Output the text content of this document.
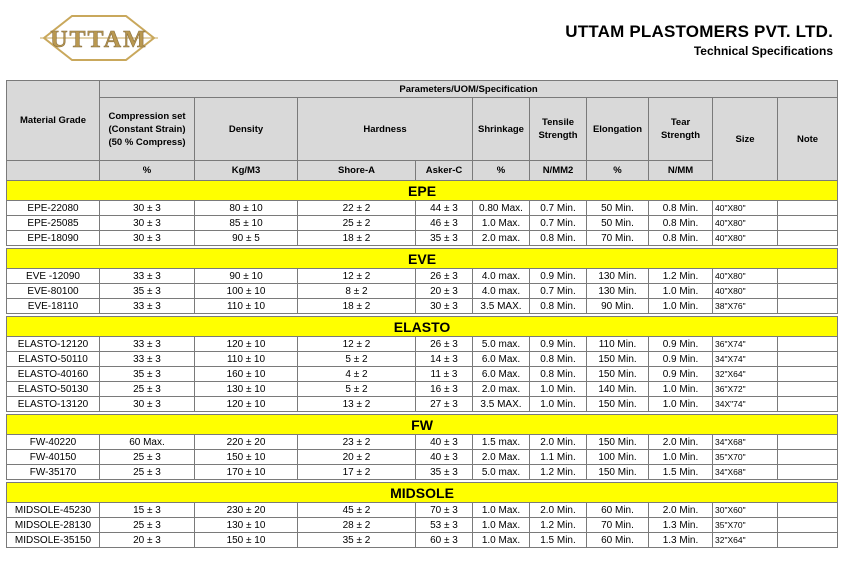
UTTAM	UTTAM PLASTOMERS PVT. LTD.
Technical Specifications
Material Grade	Parameters/UOM/Specification									
	Compression set (Constant Strain) (50 % Compress)	Density	Hardness		Shrinkage	Tensile Strength	Elongation	Tear Strength	Size	Note
	%	Kg/M3	Shore-A	Asker-C	%	N/MM2	%	N/MM		
EPE										
EPE-22080	30 ± 3	80 ± 10	22 ± 2	44 ± 3	0.80 Max.	0.7 Min.	50 Min.	0.8 Min.	40"X80"	
EPE-25085	30 ± 3	85 ± 10	25 ± 2	46 ± 3	1.0 Max.	0.7 Min.	50 Min.	0.8 Min.	40"X80"	
EPE-18090	30 ± 3	90 ± 5	18 ± 2	35 ± 3	2.0 max.	0.8 Min.	70 Min.	0.8 Min.	40"X80"	

EVE										
EVE -12090	33 ± 3	90 ± 10	12 ± 2	26 ± 3	4.0 max.	0.9 Min.	130 Min.	1.2 Min.	40"X80"	
EVE-80100	35 ± 3	100 ± 10	8 ± 2	20 ± 3	4.0 max.	0.7 Min.	130 Min.	1.0 Min.	40"X80"	
EVE-18110	33 ± 3	110 ± 10	18 ± 2	30 ± 3	3.5 MAX.	0.8 Min.	90 Min.	1.0 Min.	38"X76"	

ELASTO										
ELASTO-12120	33 ± 3	120 ± 10	12 ± 2	26 ± 3	5.0 max.	0.9 Min.	110 Min.	0.9 Min.	36"X74"	
ELASTO-50110	33 ± 3	110 ± 10	5 ± 2	14 ± 3	6.0 Max.	0.8 Min.	150 Min.	0.9 Min.	34"X74"	
ELASTO-40160	35 ± 3	160 ± 10	4 ± 2	11 ± 3	6.0 Max.	0.8 Min.	150 Min.	0.9 Min.	32"X64"	
ELASTO-50130	25 ± 3	130 ± 10	5 ± 2	16 ± 3	2.0 max.	1.0 Min.	140 Min.	1.0 Min.	36"X72"	
ELASTO-13120	30 ± 3	120 ± 10	13 ± 2	27 ± 3	3.5 MAX.	1.0 Min.	150 Min.	1.0 Min.	34X"74"	

FW										
FW-40220	60 Max.	220 ± 20	23 ± 2	40 ± 3	1.5 max.	2.0 Min.	150 Min.	2.0 Min.	34"X68"	
FW-40150	25 ± 3	150 ± 10	20 ± 2	40 ± 3	2.0 Max.	1.1 Min.	100 Min.	1.0 Min.	35"X70"	
FW-35170	25 ± 3	170 ± 10	17 ± 2	35 ± 3	5.0 max.	1.2 Min.	150 Min.	1.5 Min.	34"X68"	

MIDSOLE										
MIDSOLE-45230	15 ± 3	230 ± 20	45 ± 2	70 ± 3	1.0 Max.	2.0 Min.	60 Min.	2.0 Min.	30"X60"	
MIDSOLE-28130	25 ± 3	130 ± 10	28 ± 2	53 ± 3	1.0 Max.	1.2 Min.	70 Min.	1.3 Min.	35"X70"	
MIDSOLE-35150	20 ± 3	150 ± 10	35 ± 2	60 ± 3	1.0 Max.	1.5 Min.	60 Min.	1.3 Min.	32"X64"	
